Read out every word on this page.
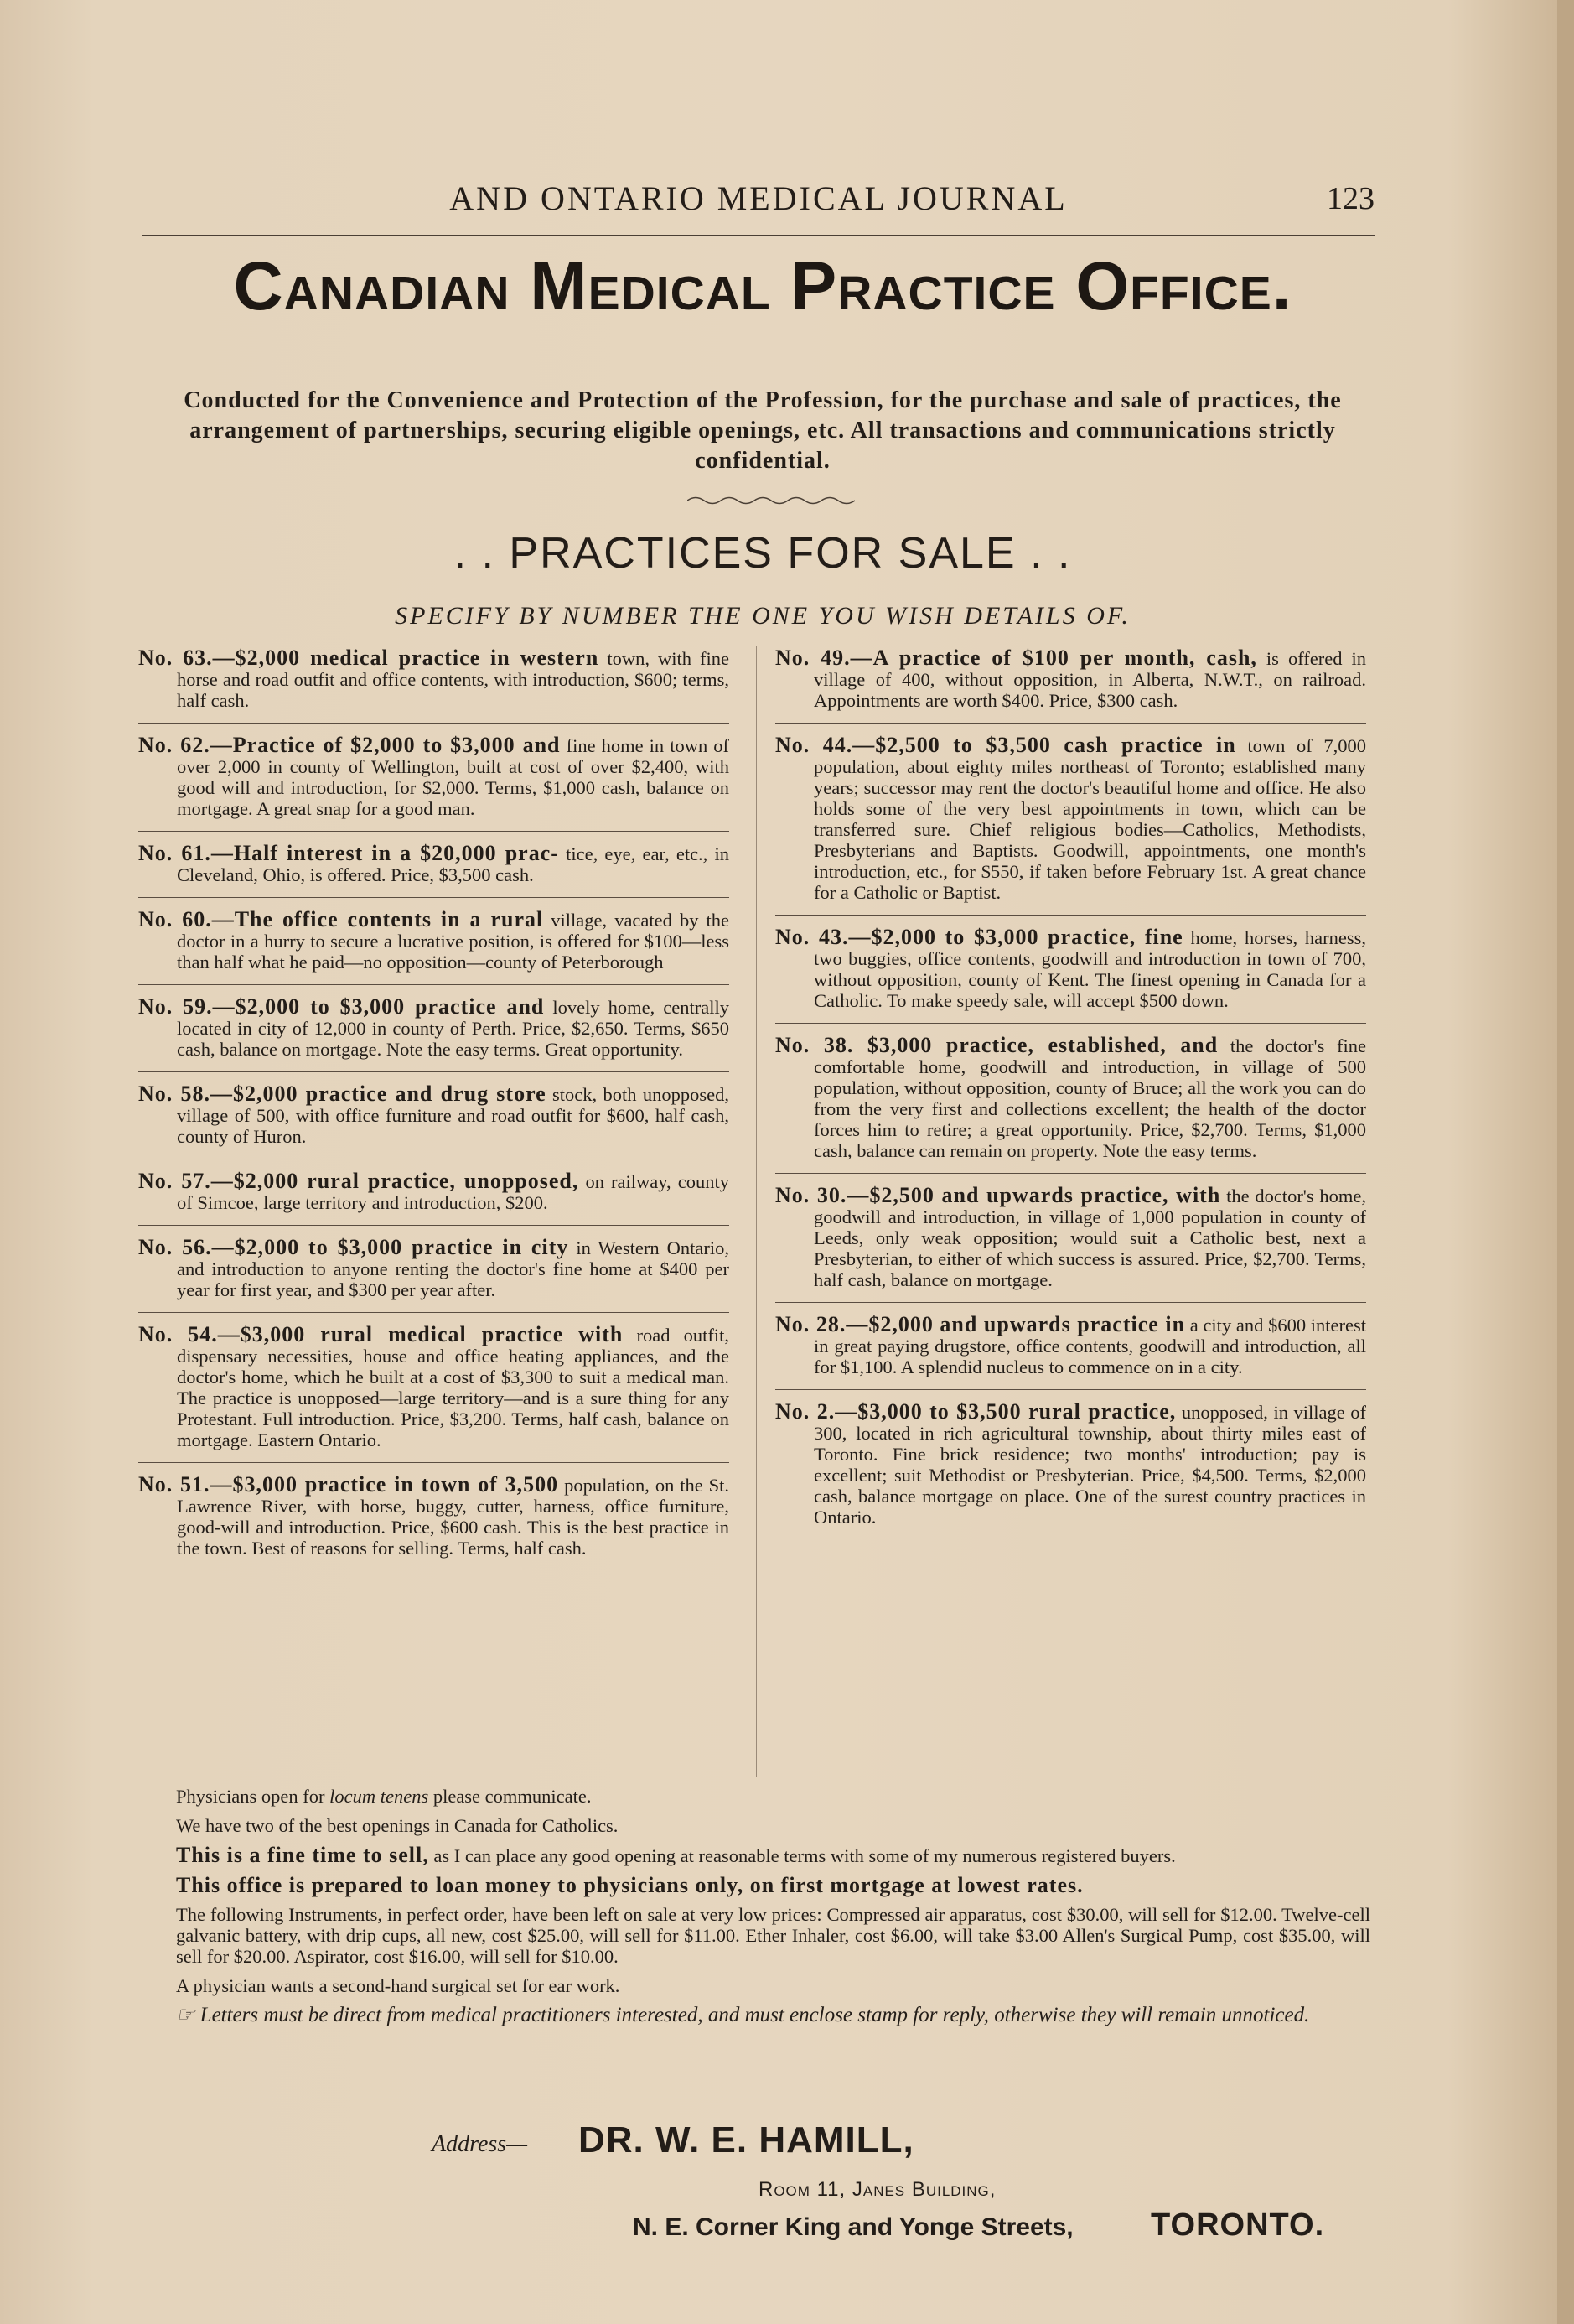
AND ONTARIO MEDICAL JOURNAL	123
Canadian Medical Practice Office.
Conducted for the Convenience and Protection of the Profession, for the purchase and sale of practices, the arrangement of partnerships, securing eligible openings, etc. All transactions and communications strictly confidential.
. . PRACTICES FOR SALE . .
SPECIFY BY NUMBER THE ONE YOU WISH DETAILS OF.
No. 63.—$2,000 medical practice in western town, with fine horse and road outfit and office contents, with introduction, $600; terms, half cash.
No. 62.—Practice of $2,000 to $3,000 and fine home in town of over 2,000 in county of Wellington, built at cost of over $2,400, with good will and introduction, for $2,000. Terms, $1,000 cash, balance on mortgage. A great snap for a good man.
No. 61.—Half interest in a $20,000 prac- tice, eye, ear, etc., in Cleveland, Ohio, is offered. Price, $3,500 cash.
No. 60.—The office contents in a rural village, vacated by the doctor in a hurry to secure a lucrative position, is offered for $100—less than half what he paid—no opposition—county of Peterborough
No. 59.—$2,000 to $3,000 practice and lovely home, centrally located in city of 12,000 in county of Perth. Price, $2,650. Terms, $650 cash, balance on mortgage. Note the easy terms. Great opportunity.
No. 58.—$2,000 practice and drug store stock, both unopposed, village of 500, with office furniture and road outfit for $600, half cash, county of Huron.
No. 57.—$2,000 rural practice, unopposed, on railway, county of Simcoe, large territory and introduction, $200.
No. 56.—$2,000 to $3,000 practice in city in Western Ontario, and introduction to anyone renting the doctor's fine home at $400 per year for first year, and $300 per year after.
No. 54.—$3,000 rural medical practice with road outfit, dispensary necessities, house and office heating appliances, and the doctor's home, which he built at a cost of $3,300 to suit a medical man. The practice is unopposed—large territory—and is a sure thing for any Protestant. Full introduction. Price, $3,200. Terms, half cash, balance on mortgage. Eastern Ontario.
No. 51.—$3,000 practice in town of 3,500 population, on the St. Lawrence River, with horse, buggy, cutter, harness, office furniture, good-will and introduction. Price, $600 cash. This is the best practice in the town. Best of reasons for selling. Terms, half cash.
No. 49.—A practice of $100 per month, cash, is offered in village of 400, without opposition, in Alberta, N.W.T., on railroad. Appointments are worth $400. Price, $300 cash.
No. 44.—$2,500 to $3,500 cash practice in town of 7,000 population, about eighty miles northeast of Toronto; established many years; successor may rent the doctor's beautiful home and office. He also holds some of the very best appointments in town, which can be transferred sure. Chief religious bodies—Catholics, Methodists, Presbyterians and Baptists. Goodwill, appointments, one month's introduction, etc., for $550, if taken before February 1st. A great chance for a Catholic or Baptist.
No. 43.—$2,000 to $3,000 practice, fine home, horses, harness, two buggies, office contents, goodwill and introduction in town of 700, without opposition, county of Kent. The finest opening in Canada for a Catholic. To make speedy sale, will accept $500 down.
No. 38. $3,000 practice, established, and the doctor's fine comfortable home, goodwill and introduction, in village of 500 population, without opposition, county of Bruce; all the work you can do from the very first and collections excellent; the health of the doctor forces him to retire; a great opportunity. Price, $2,700. Terms, $1,000 cash, balance can remain on property. Note the easy terms.
No. 30.—$2,500 and upwards practice, with the doctor's home, goodwill and introduction, in village of 1,000 population in county of Leeds, only weak opposition; would suit a Catholic best, next a Presbyterian, to either of which success is assured. Price, $2,700. Terms, half cash, balance on mortgage.
No. 28.—$2,000 and upwards practice in a city and $600 interest in great paying drugstore, office contents, goodwill and introduction, all for $1,100. A splendid nucleus to commence on in a city.
No. 2.—$3,000 to $3,500 rural practice, unopposed, in village of 300, located in rich agricultural township, about thirty miles east of Toronto. Fine brick residence; two months' introduction; pay is excellent; suit Methodist or Presbyterian. Price, $4,500. Terms, $2,000 cash, balance mortgage on place. One of the surest country practices in Ontario.

Physicians open for locum tenens please communicate.

We have two of the best openings in Canada for Catholics.

This is a fine time to sell, as I can place any good opening at reasonable terms with some of my numerous registered buyers.

This office is prepared to loan money to physicians only, on first mortgage at lowest rates.

The following Instruments, in perfect order, have been left on sale at very low prices: Compressed air apparatus, cost $30.00, will sell for $12.00. Twelve-cell galvanic battery, with drip cups, all new, cost $25.00, will sell for $11.00. Ether Inhaler, cost $6.00, will take $3.00 Allen's Surgical Pump, cost $35.00, will sell for $20.00. Aspirator, cost $16.00, will sell for $10.00.

A physician wants a second-hand surgical set for ear work.

☞ Letters must be direct from medical practitioners interested, and must enclose stamp for reply, otherwise they will remain unnoticed.

Address— DR. W. E. HAMILL,
Room 11, Janes Building,
N. E. Corner King and Yonge Streets, TORONTO.
